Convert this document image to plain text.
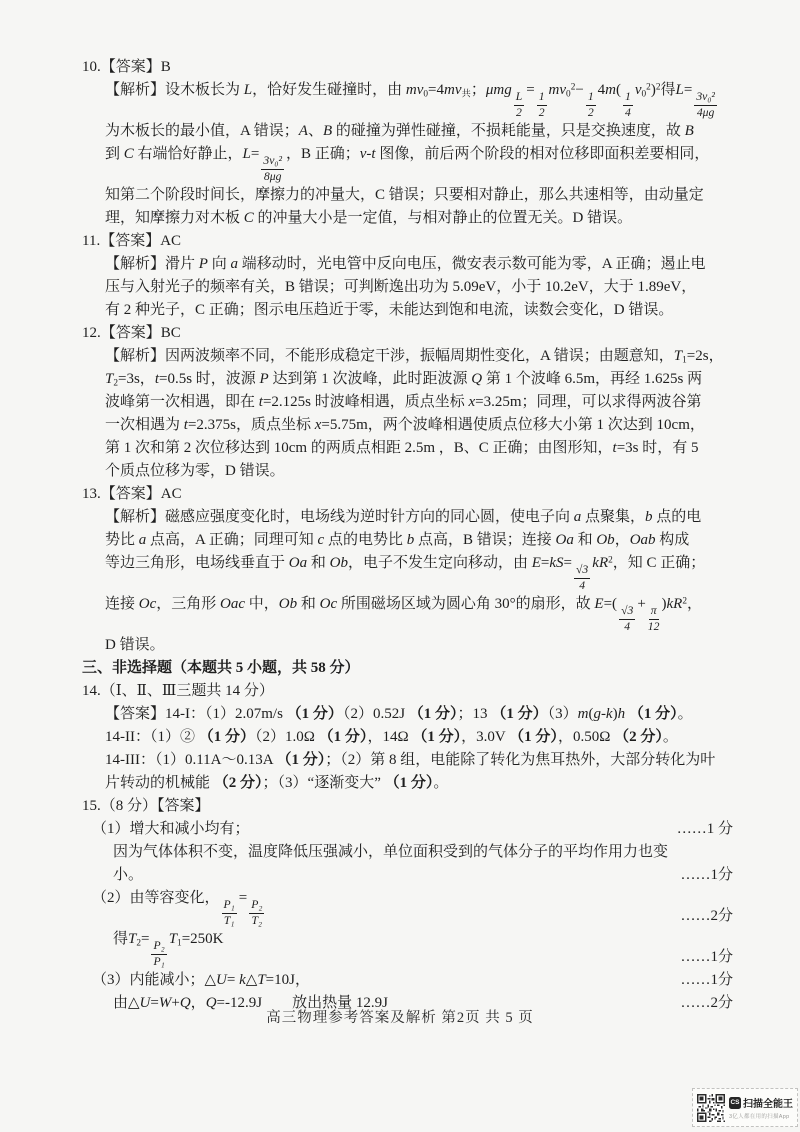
10.【答案】B
【解析】设木板长为 L，恰好发生碰撞时，由 mv0=4mv共；μmg
$\frac{L}{2}$
=
$\frac{1}{2}$
$mv0^2-$
$\frac{1}{2}$
4m(
$\frac{1}{4}$
$v0^2)^2$得L=
$\frac{\text{3v₀²}}{4\mu g}$
为木板长的最小值，A 错误；A、B 的碰撞为弹性碰撞，不损耗能量，只是交换速度，故 B
到 C 右端恰好静止，L=
$\frac{\text{3v₀²}}{8\mu g}$
，B 正确；v-t 图像，前后两个阶段的相对位移即面积差要相同，
知第二个阶段时间长，摩擦力的冲量大，C 错误；只要相对静止，那么共速相等，由动量定
理，知摩擦力对木板 C 的冲量大小是一定值，与相对静止的位置无关。D 错误。
11.【答案】AC
【解析】滑片 P 向 a 端移动时，光电管中反向电压，微安表示数可能为零，A 正确；遏止电
压与入射光子的频率有关，B 错误；可判断逸出功为 5.09eV，小于 10.2eV，大于 1.89eV，
有 2 种光子，C 正确；图示电压趋近于零，未能达到饱和电流，读数会变化，D 错误。
12.【答案】BC
【解析】因两波频率不同，不能形成稳定干涉，振幅周期性变化，A 错误；由题意知，T1=2s，
T2=3s，t=0.5s 时，波源 P 达到第 1 次波峰，此时距波源 Q 第 1 个波峰 6.5m，再经 1.625s 两
波峰第一次相遇，即在 t=2.125s 时波峰相遇，质点坐标 x=3.25m；同理，可以求得两波谷第
一次相遇为 t=2.375s，质点坐标 x=5.75m，两个波峰相遇使质点位移大小第 1 次达到 10cm，
第 1 次和第 2 次位移达到 10cm 的两质点相距 2.5m ，B、C 正确；由图形知，t=3s 时，有 5
个质点位移为零，D 错误。
13.【答案】AC
【解析】磁感应强度变化时，电场线为逆时针方向的同心圆，使电子向 a 点聚集，b 点的电
势比 a 点高，A 正确；同理可知 c 点的电势比 b 点高，B 错误；连接 Oa 和 Ob，Oab 构成
等边三角形，电场线垂直于 Oa 和 Ob，电子不发生定向移动，由 E=kS=
$\frac{√3}{4}$
$kR^2$，知 C 正确；
连接 Oc，三角形 Oac 中，Ob 和 Oc 所围磁场区域为圆心角 30°的扇形，故 E=(
$\frac{√3}{4}$
+
$\frac{\pi}{12}$
)$kR^2$，
D 错误。
三、非选择题（本题共 5 小题，共 58 分）
14.（Ⅰ、Ⅱ、Ⅲ三题共 14 分）
【答案】14-I：（1）2.07m/s （1 分）（2）0.52J （1 分）；13 （1 分）（3）m(g-k)h （1 分）。
14-II：（1）② （1 分）（2）1.0Ω （1 分），14Ω （1 分），3.0V （1 分），0.50Ω （2 分）。
14-III：（1）0.11A～0.13A （1 分）；（2）第 8 组，电能除了转化为焦耳热外，大部分转化为叶
片转动的机械能 （2 分）；（3）“逐渐变大” （1 分）。
15.（8 分）【答案】
（1）增大和减小均有；	……1 分
因为气体体积不变，温度降低压强减小，单位面积受到的气体分子的平均作用力也变
小。	……1分
（2）由等容变化，
$\frac{\text{P₁}}{\text{T₁}}$
=
$\frac{\text{P₂}}{\text{T₂}}$	……2分
得T2=
$\frac{\text{P₂}}{\text{P₁}}$
T1=250K
……1分
（3）内能减小；△U= k△T=10J，	……1分
由△U=W+Q，Q=-12.9J　　放出热量 12.9J	……2分
高三物理参考答案及解析 第2页 共 5 页
CS 扫描全能王
3亿人都在用的扫描App
